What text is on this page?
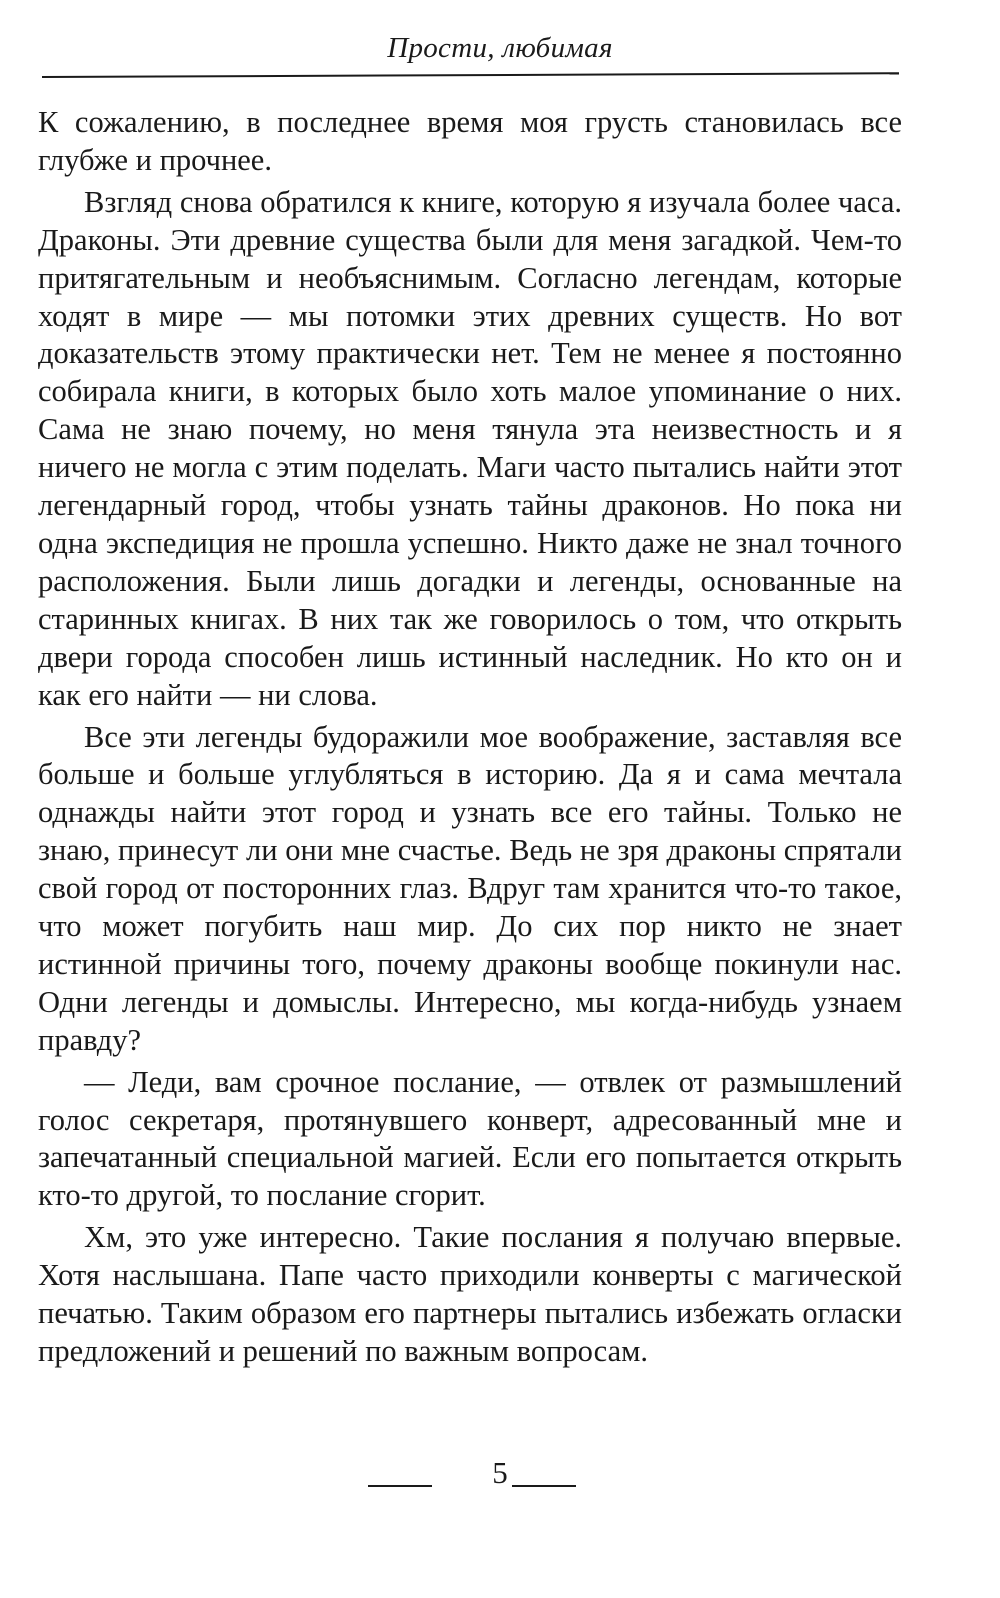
Прости, любимая

К сожалению, в последнее время моя грусть становилась все глубже и прочнее.

Взгляд снова обратился к книге, которую я изучала более часа. Драконы. Эти древние существа были для меня загадкой. Чем-то притягательным и необъяснимым. Согласно легендам, которые ходят в мире — мы потомки этих древних существ. Но вот доказательств этому практически нет. Тем не менее я постоянно собирала книги, в которых было хоть малое упоминание о них. Сама не знаю почему, но меня тянула эта неизвестность и я ничего не могла с этим поделать. Маги часто пытались найти этот легендарный город, чтобы узнать тайны драконов. Но пока ни одна экспедиция не прошла успешно. Никто даже не знал точного расположения. Были лишь догадки и легенды, основанные на старинных книгах. В них так же говорилось о том, что открыть двери города способен лишь истинный наследник. Но кто он и как его найти — ни слова.

Все эти легенды будоражили мое воображение, заставляя все больше и больше углубляться в историю. Да я и сама мечтала однажды найти этот город и узнать все его тайны. Только не знаю, принесут ли они мне счастье. Ведь не зря драконы спрятали свой город от посторонних глаз. Вдруг там хранится что-то такое, что может погубить наш мир. До сих пор никто не знает истинной причины того, почему драконы вообще покинули нас. Одни легенды и домыслы. Интересно, мы когда-нибудь узнаем правду?

— Леди, вам срочное послание, — отвлек от размышлений голос секретаря, протянувшего конверт, адресованный мне и запечатанный специальной магией. Если его попытается открыть кто-то другой, то послание сгорит.

Хм, это уже интересно. Такие послания я получаю впервые. Хотя наслышана. Папе часто приходили конверты с магической печатью. Таким образом его партнеры пытались избежать огласки предложений и решений по важным вопросам.

5
